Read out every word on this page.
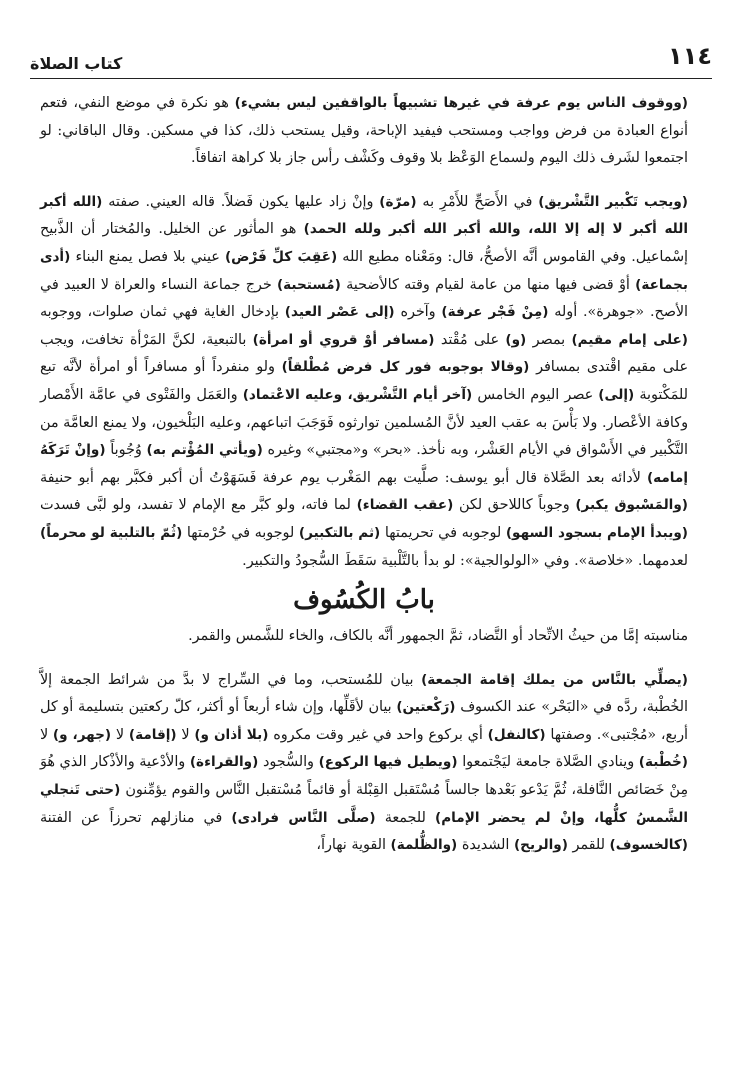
١١٤
كتاب الصلاة

(ووقوف الناس يوم عرفة في غيرها تشبيهاً بالواقفين ليس بشيء) هو نكرة في موضع النفي، فتعم أنواع العبادة من فرض وواجب ومستحب فيفيد الإباحة، وقيل يستحب ذلك، كذا في مسكين. وقال الباقاني: لو اجتمعوا لشَرف ذلك اليوم ولسماع الوَعْظ بلا وقوف وكَشْف رأس جاز بلا كراهة اتفاقاً.

(ويجب تَكْبير التَّشْريق) في الأَصَحِّ للأَمْرِ به (مرّة) وإنْ زاد عليها يكون فَضلاً. قاله العيني. صفته (الله أكبر الله أكبر لا إله إلا الله، والله أكبر الله أكبر ولله الحمد) هو المأثور عن الخليل. والمُختار أن الذَّبيح إسْماعيل. وفي القاموس أنَّه الأصحُّ، قال: ومَعْناه مطيع الله (عَقِبَ كلِّ فَرْض) عيني بلا فصل يمنع البناء (أدى بجماعة) أوْ قضى فيها منها من عامة لقيام وقته كالأضحية (مُستحبة) خرج جماعة النساء والعراة لا العبيد في الأصح. «جوهرة». أوله (مِنْ فَجْر عرفة) وآخره (إلى عَصْر العيد) بإدخال الغاية فهي ثمان صلوات، ووجوبه (على إمام مقيم) بمصر (و) على مُقْتد (مسافر أوْ قروي أو امرأة) بالتبعية، لكنَّ المَرْأة تخافت، ويجب على مقيم اقْتدى بمسافر (وقالا بوجوبه فور كل فرض مُطْلقاً) ولو منفرداً أو مسافراً أو امرأة لأنَّه تبع للمَكْتوبة (إلى) عصر اليوم الخامس (آخر أيام التَّشْريق، وعليه الاعْتماد) والعَمَل والفَتْوى في عامَّة الأَمْصار وكافة الأعْصار. ولا بَأْسَ به عقب العيد لأنَّ المُسلمين توارثوه فَوَجَبَ اتباعهم، وعليه البَلْخيون، ولا يمنع العامَّة من التَّكْبير في الأَسْواق في الأيام العَشْر، وبه نأخذ. «بحر» و«مجتبي» وغيره (ويأتي المُؤْتم به) وُجُوباً (وإنْ تَرَكَهُ إمامه) لأدائه بعد الصَّلاة قال أبو يوسف: صلَّيت بهم المَغْرب يوم عرفة فَسَهَوْتُ أن أكبر فكبَّر بهم أبو حنيفة (والمَسْبوق يكبر) وجوباً كاللاحق لكن (عقب القضاء) لما فاته، ولو كبَّر مع الإمام لا تفسد، ولو لبَّى فسدت (ويبدأ الإمام بسجود السهو) لوجوبه في تحريمتها (ثم بالتكبير) لوجوبه في حُرْمتها (ثُمّ بالتلبية لو محرماً) لعدمهما. «خلاصة». وفي «الولوالجية»: لو بدأ بالتَّلْبية سَقَطَ السُّجودُ والتكبير.

بابُ الكُسُوف

مناسبته إمَّا من حيثُ الاتِّحاد أو التَّضاد، ثمَّ الجمهور أنَّه بالكاف، والخاء للشَّمس والقمر.

(يصلِّي بالنَّاس من يملك إقامة الجمعة) بيان للمُستحب، وما في السِّراج لا بدَّ من شرائط الجمعة إلاَّ الخُطْبة، ردَّه في «البَحْر» عند الكسوف (رَكْعتين) بيان لأقَلِّها، وإن شاء أربعاً أو أكثر، كلّ ركعتين بتسليمة أو كل أربع، «مُجْتبى». وصفتها (كالنفل) أي بركوع واحد في غير وقت مكروه (بلا أذان و) لا (إقامة) لا (جهر، و) لا (خُطْبة) وينادي الصَّلاة جامعة ليَجْتمعوا (ويطيل فيها الركوع) والسُّجود (والقراءة) والأدْعية والأذْكار الذي هُوَ مِنْ خَصَائص النَّافلة، ثُمَّ يَدْعو بَعْدها جالساً مُسْتَقبل القِبْلة أو قائماً مُسْتقبل النَّاس والقوم يؤمِّنون (حتى تَنجلي الشَّمسُ كلُّها، وإنْ لم يحضر الإمام) للجمعة (صلَّى النَّاس فرادى) في منازلهم تحرزاً عن الفتنة (كالخسوف) للقمر (والريح) الشديدة (والظُّلمة) القوية نهاراً،
